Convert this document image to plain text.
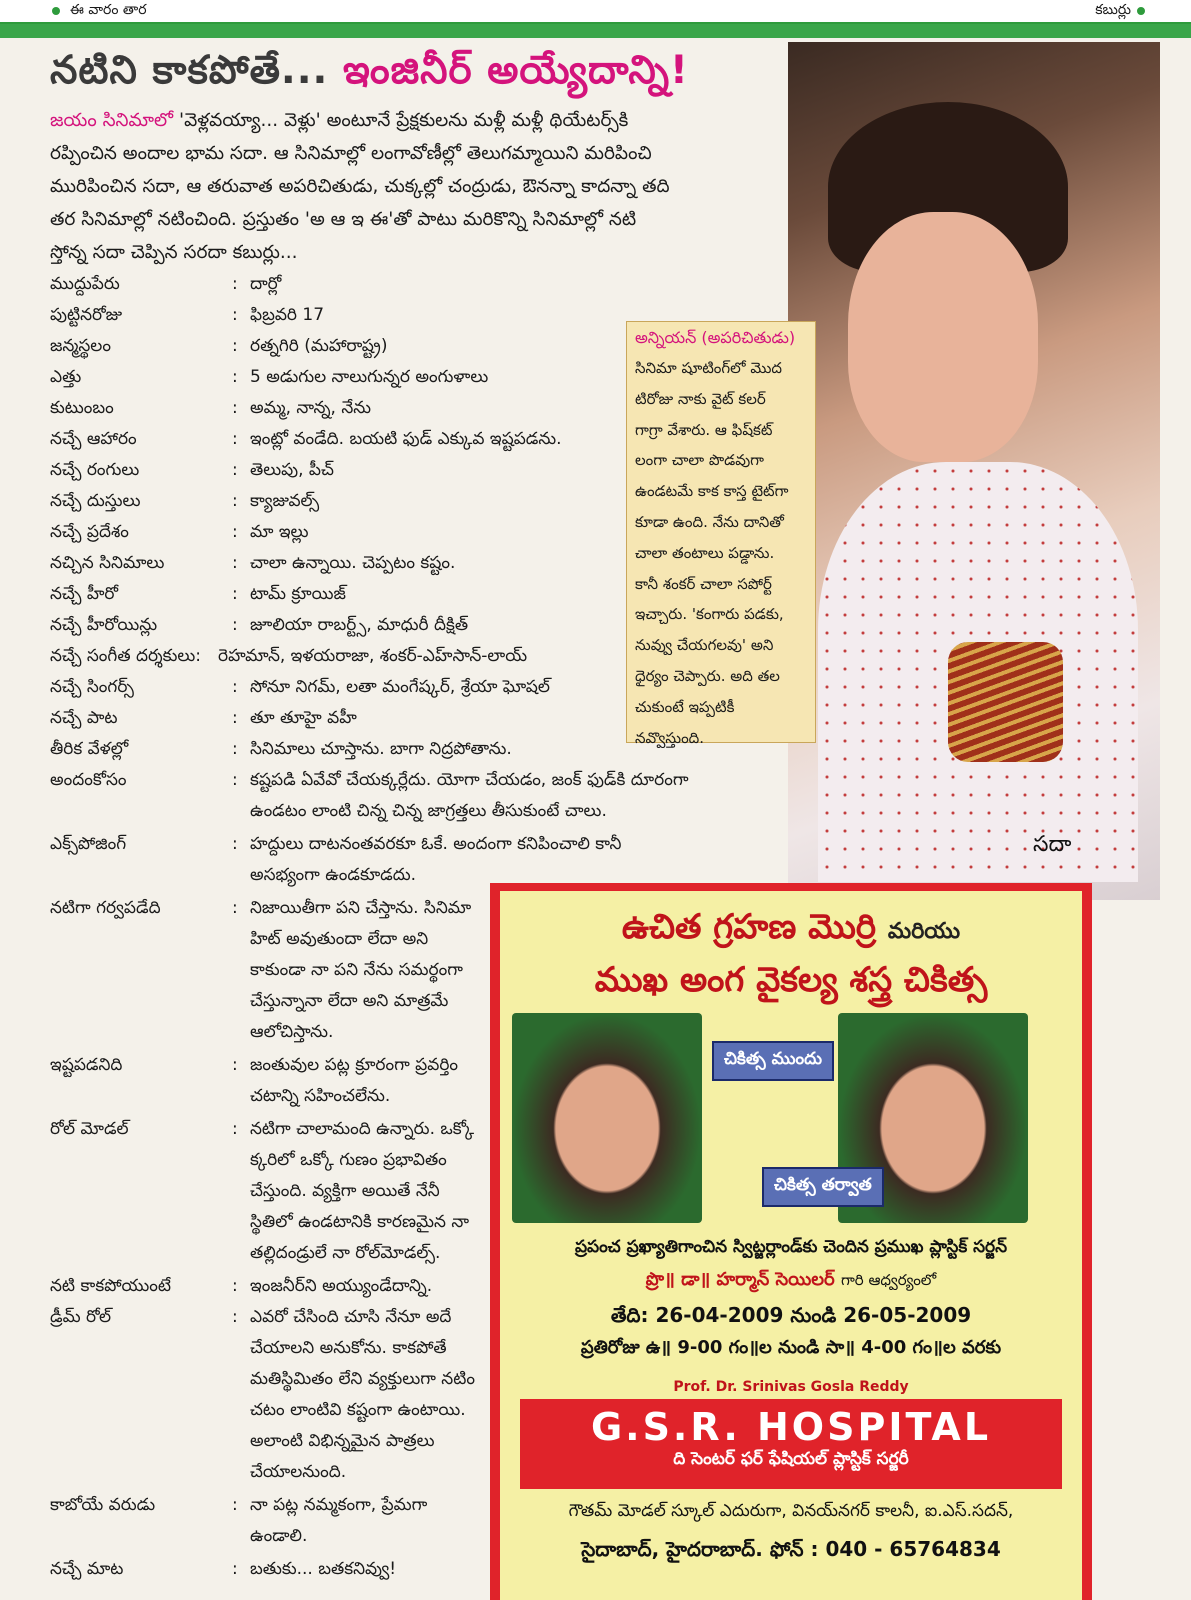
ఈ వారం తార	కబుర్లు
నటిని కాకపోతే... ఇంజినీర్ అయ్యేదాన్ని!
జయం సినిమాలో 'వెళ్లవయ్యా... వెళ్లు' అంటూనే ప్రేక్షకులను మళ్లీ మళ్లీ థియేటర్స్‌కి
రప్పించిన అందాల భామ సదా. ఆ సినిమాల్లో లంగావోణీల్లో తెలుగమ్మాయిని మరిపించి
మురిపించిన సదా, ఆ తరువాత అపరిచితుడు, చుక్కల్లో చంద్రుడు, ఔనన్నా కాదన్నా తది
తర సినిమాల్లో నటించింది. ప్రస్తుతం 'అ ఆ ఇ ఈ'తో పాటు మరికొన్ని సినిమాల్లో నటి
స్తోన్న సదా చెప్పిన సరదా కబుర్లు...
సదా
అన్నియన్ (అపరిచితుడు)
సినిమా షూటింగ్‌లో మొద
టిరోజు నాకు వైట్ కలర్
గాగ్రా వేశారు. ఆ ఫిష్‌కట్
లంగా చాలా పొడవుగా
ఉండటమే కాక కాస్త టైట్‌గా
కూడా ఉంది. నేను దానితో
చాలా తంటాలు పడ్డాను.
కానీ శంకర్ చాలా సపోర్ట్
ఇచ్చారు. 'కంగారు పడకు,
నువ్వు చేయగలవు' అని
ధైర్యం చెప్పారు. అది తల
చుకుంటే ఇప్పటికీ
నవ్వొస్తుంది.
ముద్దుపేరు	: దార్లో
పుట్టినరోజు	: ఫిబ్రవరి 17
జన్మస్థలం	: రత్నగిరి (మహారాష్ట్ర)
ఎత్తు	: 5 అడుగుల నాలుగున్నర అంగుళాలు
కుటుంబం	: అమ్మ, నాన్న, నేను
నచ్చే ఆహారం	: ఇంట్లో వండేది. బయటి ఫుడ్ ఎక్కువ ఇష్టపడను.
నచ్చే రంగులు	: తెలుపు, పీచ్
నచ్చే దుస్తులు	: క్యాజువల్స్
నచ్చే ప్రదేశం	: మా ఇల్లు
నచ్చిన సినిమాలు	: చాలా ఉన్నాయి. చెప్పటం కష్టం.
నచ్చే హీరో	: టామ్ క్రూయిజ్
నచ్చే హీరోయిన్లు	: జూలియా రాబర్ట్స్, మాధురీ దీక్షిత్
నచ్చే సంగీత దర్శకులు:	రెహమాన్, ఇళయరాజా, శంకర్-ఎహ్‌సాన్-లాయ్
నచ్చే సింగర్స్	: సోనూ నిగమ్, లతా మంగేష్కర్, శ్రేయా ఘోషల్
నచ్చే పాట	: తూ తూహై వహీ
తీరిక వేళల్లో	: సినిమాలు చూస్తాను. బాగా నిద్రపోతాను.
అందంకోసం	: కష్టపడి ఏవేవో చేయక్కర్లేదు. యోగా చేయడం, జంక్ ఫుడ్‌కి దూరంగా
ఉండటం లాంటి చిన్న చిన్న జాగ్రత్తలు తీసుకుంటే చాలు.
ఎక్స్‌పోజింగ్	: హద్దులు దాటనంతవరకూ ఓకే. అందంగా కనిపించాలి కానీ
అసభ్యంగా ఉండకూడదు.
నటిగా గర్వపడేది	: నిజాయితీగా పని చేస్తాను. సినిమా
హిట్ అవుతుందా లేదా అని
కాకుండా నా పని నేను సమర్థంగా
చేస్తున్నానా లేదా అని మాత్రమే
ఆలోచిస్తాను.
ఇష్టపడనిది	: జంతువుల పట్ల క్రూరంగా ప్రవర్తిం
చటాన్ని సహించలేను.
రోల్ మోడల్	: నటిగా చాలామంది ఉన్నారు. ఒక్కో
క్కరిలో ఒక్కో గుణం ప్రభావితం
చేస్తుంది. వ్యక్తిగా అయితే నేనీ
స్థితిలో ఉండటానికి కారణమైన నా
తల్లిదండ్రులే నా రోల్‌మోడల్స్.
నటి కాకపోయుంటే	: ఇంజనీర్‌ని అయ్యుండేదాన్ని.
డ్రీమ్ రోల్	: ఎవరో చేసింది చూసి నేనూ అదే
చేయాలని అనుకోను. కాకపోతే
మతిస్థిమితం లేని వ్యక్తులుగా నటిం
చటం లాంటివి కష్టంగా ఉంటాయి.
అలాంటి విభిన్నమైన పాత్రలు
చేయాలనుంది.
కాబోయే వరుడు	: నా పట్ల నమ్మకంగా, ప్రేమగా
ఉండాలి.
నచ్చే మాట	: బతుకు... బతకనివ్వు!
ఉచిత గ్రహణ మొర్రి మరియు
ముఖ అంగ వైకల్య శస్త్ర చికిత్స
చికిత్స ముందు
చికిత్స తర్వాత
ప్రపంచ ప్రఖ్యాతిగాంచిన స్విట్జర్లాండ్‌కు చెందిన ప్రముఖ ప్లాస్టిక్ సర్జన్
ప్రొ॥ డా॥ హర్మాన్ సెయిలర్ గారి ఆధ్వర్యంలో
తేది: 26-04-2009 నుండి 26-05-2009
ప్రతిరోజు ఉ॥ 9-00 గం॥ల నుండి సా॥ 4-00 గం॥ల వరకు
Prof. Dr. Srinivas Gosla Reddy
G.S.R. HOSPITAL
ది సెంటర్ ఫర్ ఫేషియల్ ప్లాస్టిక్ సర్జరీ
గౌతమ్ మోడల్ స్కూల్ ఎదురుగా, వినయ్‌నగర్ కాలనీ, ఐ.ఎస్.సదన్,
సైదాబాద్, హైదరాబాద్. ఫోన్ : 040 - 65764834
